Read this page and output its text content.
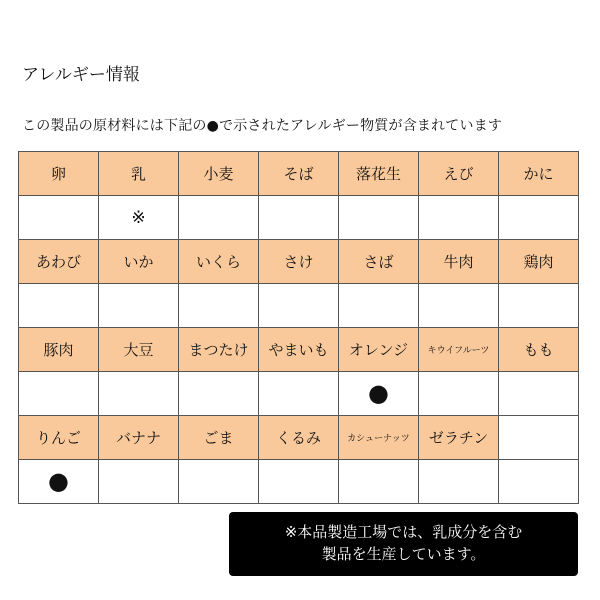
アレルギー情報
この製品の原材料には下記の●で示されたアレルギー物質が含まれています
卵	乳	小麦	そば	落花生	えび	かに
	※					
あわび	いか	いくら	さけ	さば	牛肉	鶏肉

豚肉	大豆	まつたけ	やまいも	オレンジ	キウイフルーツ	もも
				●		
りんご	バナナ	ごま	くるみ	カシューナッツ	ゼラチン	
●						
※本品製造工場では、乳成分を含む
製品を生産しています。
